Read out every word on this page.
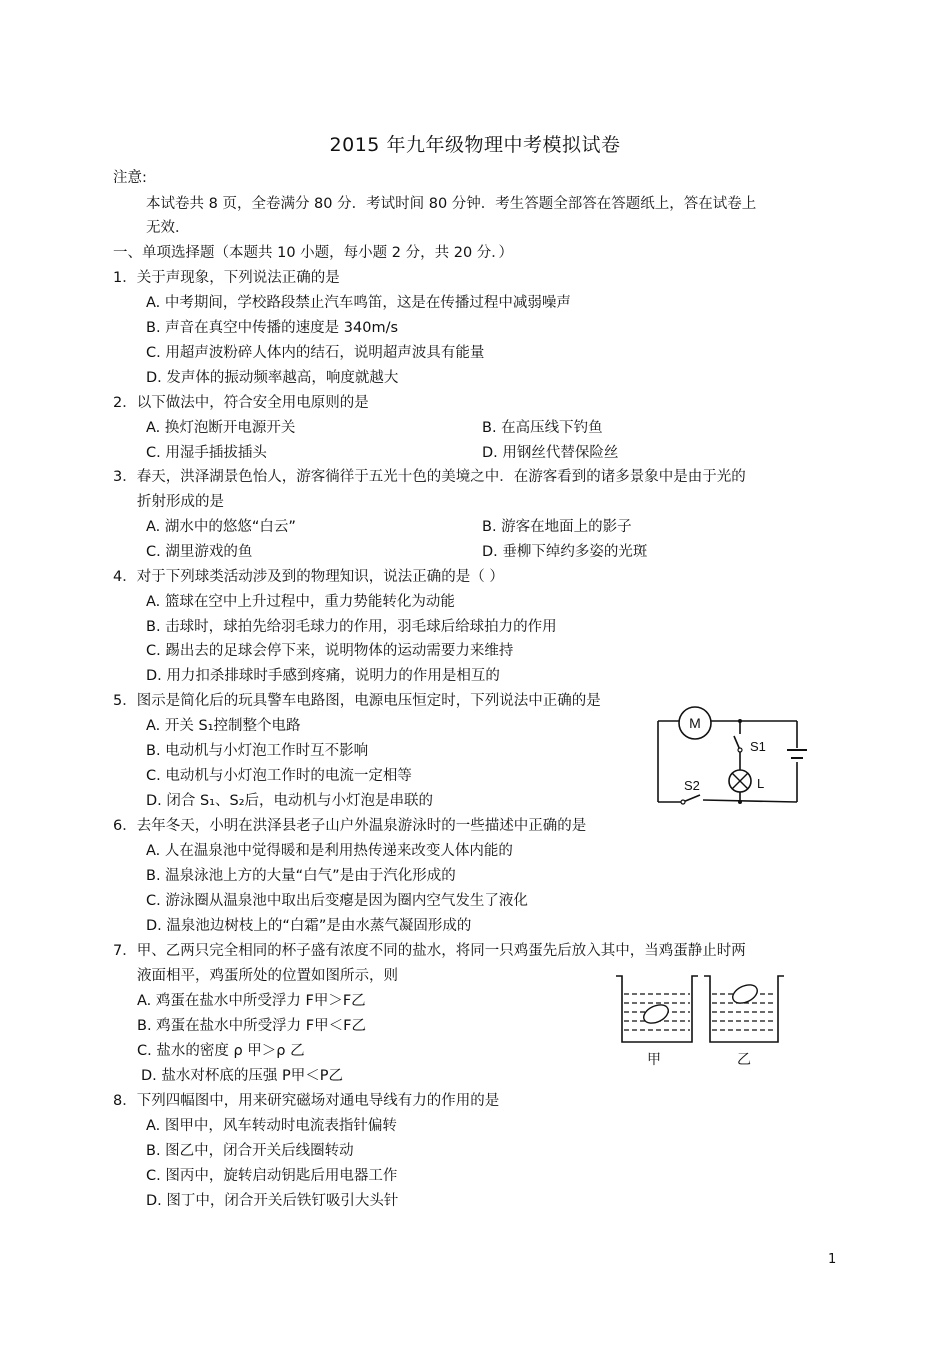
2015 年九年级物理中考模拟试卷
注意:
本试卷共 8 页，全卷满分 80 分．考试时间 80 分钟．考生答题全部答在答题纸上，答在试卷上
无效．
一、单项选择题（本题共 10 小题，每小题 2 分，共 20 分．）
1．关于声现象，下列说法正确的是
A. 中考期间，学校路段禁止汽车鸣笛，这是在传播过程中减弱噪声
B. 声音在真空中传播的速度是 340m/s
C. 用超声波粉碎人体内的结石，说明超声波具有能量
D. 发声体的振动频率越高，响度就越大
2．以下做法中，符合安全用电原则的是
A. 换灯泡断开电源开关	B. 在高压线下钓鱼
C. 用湿手插拔插头	D. 用钢丝代替保险丝
3．春天，洪泽湖景色怡人，游客徜徉于五光十色的美境之中．在游客看到的诸多景象中是由于光的
折射形成的是
A. 湖水中的悠悠“白云”	B. 游客在地面上的影子
C. 湖里游戏的鱼	D. 垂柳下绰约多姿的光斑
4．对于下列球类活动涉及到的物理知识，说法正确的是（ ）
A. 篮球在空中上升过程中，重力势能转化为动能
B. 击球时，球拍先给羽毛球力的作用，羽毛球后给球拍力的作用
C. 踢出去的足球会停下来，说明物体的运动需要力来维持
D. 用力扣杀排球时手感到疼痛，说明力的作用是相互的
5．图示是简化后的玩具警车电路图，电源电压恒定时，下列说法中正确的是
A. 开关 S₁控制整个电路
B. 电动机与小灯泡工作时互不影响
C. 电动机与小灯泡工作时的电流一定相等
D. 闭合 S₁、S₂后，电动机与小灯泡是串联的
M
S1
S2	L
6．去年冬天，小明在洪泽县老子山户外温泉游泳时的一些描述中正确的是
A. 人在温泉池中觉得暖和是利用热传递来改变人体内能的
B. 温泉泳池上方的大量“白气”是由于汽化形成的
C. 游泳圈从温泉池中取出后变瘪是因为圈内空气发生了液化
D. 温泉池边树枝上的“白霜”是由水蒸气凝固形成的
7．甲、乙两只完全相同的杯子盛有浓度不同的盐水，将同一只鸡蛋先后放入其中，当鸡蛋静止时两
液面相平，鸡蛋所处的位置如图所示，则
A. 鸡蛋在盐水中所受浮力 F甲＞F乙
B. 鸡蛋在盐水中所受浮力 F甲＜F乙
C. 盐水的密度 ρ 甲＞ρ 乙
D. 盐水对杯底的压强 P甲＜P乙
甲	乙
8．下列四幅图中，用来研究磁场对通电导线有力的作用的是
A. 图甲中，风车转动时电流表指针偏转
B. 图乙中，闭合开关后线圈转动
C. 图丙中，旋转启动钥匙后用电器工作
D. 图丁中，闭合开关后铁钉吸引大头针
1
